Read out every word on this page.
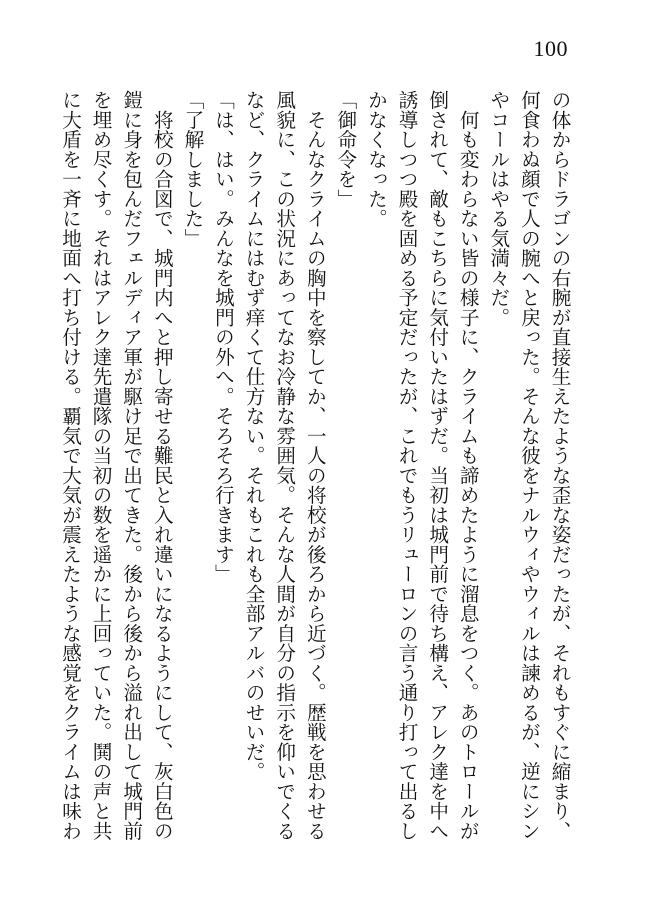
100
の体からドラゴンの右腕が直接生えたような歪な姿だったが、それもすぐに縮まり、
何食わぬ顔で人の腕へと戻った。そんな彼をナルウィやウィルは諫めるが、逆にシン
やコールはやる気満々だ。
　何も変わらない皆の様子に、クライムも諦めたように溜息をつく。あのトロールが
倒されて、敵もこちらに気付いたはずだ。当初は城門前で待ち構え、アレク達を中へ
誘導しつつ殿を固める予定だったが、これでもうリューロンの言う通り打って出るし
かなくなった。
「御命令を」
　そんなクライムの胸中を察してか、一人の将校が後ろから近づく。歴戦を思わせる
風貌に、この状況にあってなお冷静な雰囲気。そんな人間が自分の指示を仰いでくる
など、クライムにはむず痒くて仕方ない。それもこれも全部アルバのせいだ。
「は、はい。みんなを城門の外へ。そろそろ行きます」
「了解しました」
　将校の合図で、城門内へと押し寄せる難民と入れ違いになるようにして、灰白色の
鎧に身を包んだフェルディア軍が駆け足で出てきた。後から後から溢れ出して城門前
を埋め尽くす。それはアレク達先遣隊の当初の数を遥かに上回っていた。鬨の声と共
に大盾を一斉に地面へ打ち付ける。覇気で大気が震えたような感覚をクライムは味わ
